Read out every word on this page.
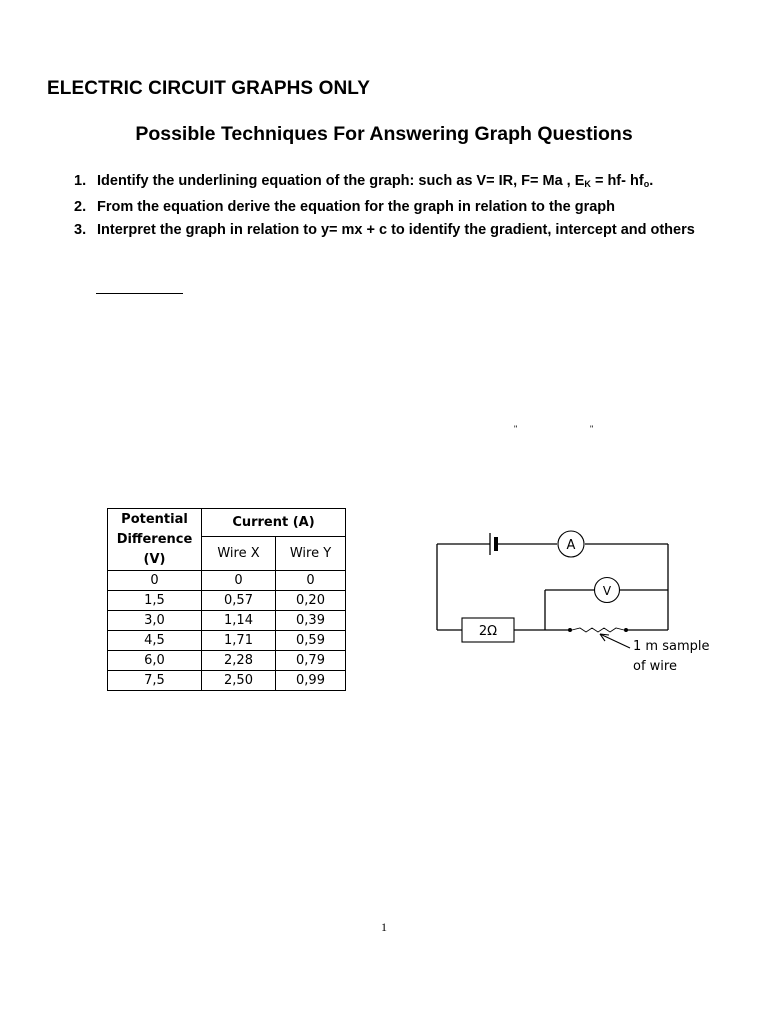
ELECTRIC CIRCUIT GRAPHS ONLY
Possible Techniques For Answering Graph Questions
1. Identify the underlining equation of the graph: such as V= IR, F= Ma , $E_K = hf-$ $hf_o$.
2. From the equation derive the equation for the graph in relation to the graph
3. Interpret the graph in relation to y= mx + c to identify the gradient, intercept and others
"	"
Potential
Difference
(V)	Current (A)	
	Wire X	Wire Y
0	0	0
1,5	0,57	0,20
3,0	1,14	0,39
4,5	1,71	0,59
6,0	2,28	0,79
7,5	2,50	0,99
A
V
2Ω
1 m sample
of wire
1
